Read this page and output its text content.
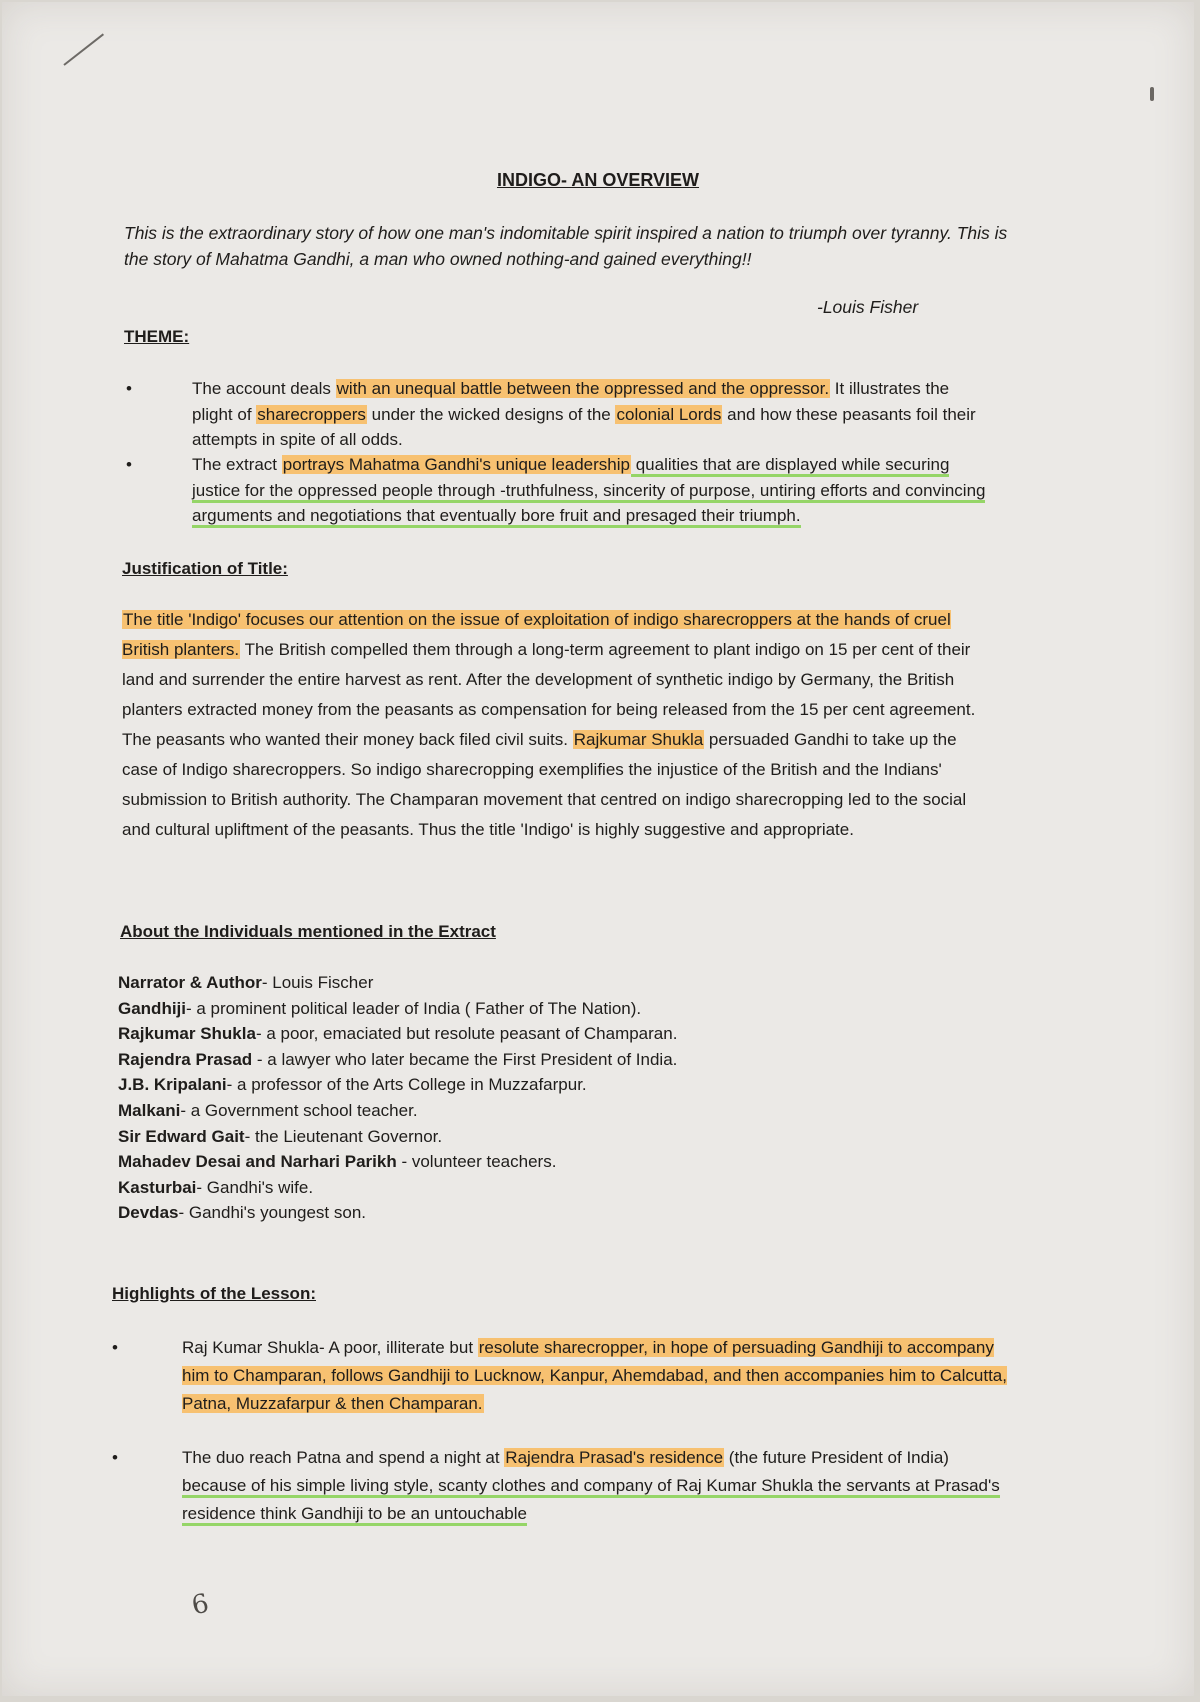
INDIGO- AN OVERVIEW
This is the extraordinary story of how one man's indomitable spirit inspired a nation to triumph over tyranny. This is the story of Mahatma Gandhi, a man who owned nothing-and gained everything!!
-Louis Fisher
THEME:
• The account deals with an unequal battle between the oppressed and the oppressor. It illustrates the plight of sharecroppers under the wicked designs of the colonial Lords and how these peasants foil their attempts in spite of all odds.
• The extract portrays Mahatma Gandhi's unique leadership qualities that are displayed while securing justice for the oppressed people through -truthfulness, sincerity of purpose, untiring efforts and convincing arguments and negotiations that eventually bore fruit and presaged their triumph.
Justification of Title:
The title 'Indigo' focuses our attention on the issue of exploitation of indigo sharecroppers at the hands of cruel British planters. The British compelled them through a long-term agreement to plant indigo on 15 per cent of their land and surrender the entire harvest as rent. After the development of synthetic indigo by Germany, the British planters extracted money from the peasants as compensation for being released from the 15 per cent agreement. The peasants who wanted their money back filed civil suits. Rajkumar Shukla persuaded Gandhi to take up the case of Indigo sharecroppers. So indigo sharecropping exemplifies the injustice of the British and the Indians' submission to British authority. The Champaran movement that centred on indigo sharecropping led to the social and cultural upliftment of the peasants. Thus the title 'Indigo' is highly suggestive and appropriate.
About the Individuals mentioned in the Extract
Narrator & Author- Louis Fischer
Gandhiji- a prominent political leader of India ( Father of The Nation).
Rajkumar Shukla- a poor, emaciated but resolute peasant of Champaran.
Rajendra Prasad - a lawyer who later became the First President of India.
J.B. Kripalani- a professor of the Arts College in Muzzafarpur.
Malkani- a Government school teacher.
Sir Edward Gait- the Lieutenant Governor.
Mahadev Desai and Narhari Parikh - volunteer teachers.
Kasturbai- Gandhi's wife.
Devdas- Gandhi's youngest son.
Highlights of the Lesson:
• Raj Kumar Shukla- A poor, illiterate but resolute sharecropper, in hope of persuading Gandhiji to accompany him to Champaran, follows Gandhiji to Lucknow, Kanpur, Ahemdabad, and then accompanies him to Calcutta, Patna, Muzzafarpur & then Champaran.
• The duo reach Patna and spend a night at Rajendra Prasad's residence (the future President of India) because of his simple living style, scanty clothes and company of Raj Kumar Shukla the servants at Prasad's residence think Gandhiji to be an untouchable
6
